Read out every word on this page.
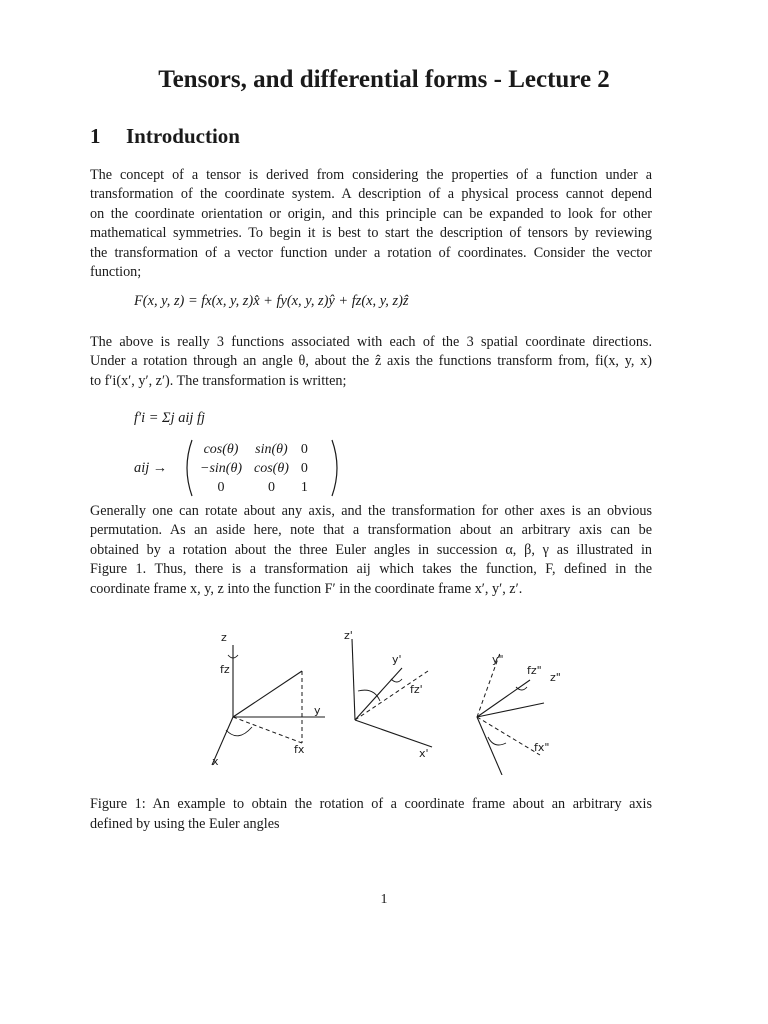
Tensors, and differential forms - Lecture 2
1 Introduction
The concept of a tensor is derived from considering the properties of a function under a
transformation of the coordinate system. A description of a physical process cannot depend
on the coordinate orientation or origin, and this principle can be expanded to look for other
mathematical symmetries. To begin it is best to start the description of tensors by reviewing
the transformation of a vector function under a rotation of coordinates. Consider the vector
function;
F(x, y, z) = fx(x, y, z)x̂ + fy(x, y, z)ŷ + fz(x, y, z)ẑ
The above is really 3 functions associated with each of the 3 spatial coordinate directions.
Under a rotation through an angle θ, about the ẑ axis the functions transform from, fi(x, y, x)
to f′i(x′, y′, z′). The transformation is written;
f′i = Σj aij fj
aij →
cos(θ)	sin(θ)	0
−sin(θ)	cos(θ)	0
0	0	1
Generally one can rotate about any axis, and the transformation for other axes is an obvious
permutation. As an aside here, note that a transformation about an arbitrary axis can be
obtained by a rotation about the three Euler angles in succession α, β, γ as illustrated in
Figure 1. Thus, there is a transformation aij which takes the function, F, defined in the
coordinate frame x, y, z into the function F′ in the coordinate frame x′, y′, z′.
z
fz
y
fx
x
z'
y'
fz'
x'
y"
fz"
z"
fx"
Figure 1: An example to obtain the rotation of a coordinate frame about an arbitrary axis
defined by using the Euler angles
1
